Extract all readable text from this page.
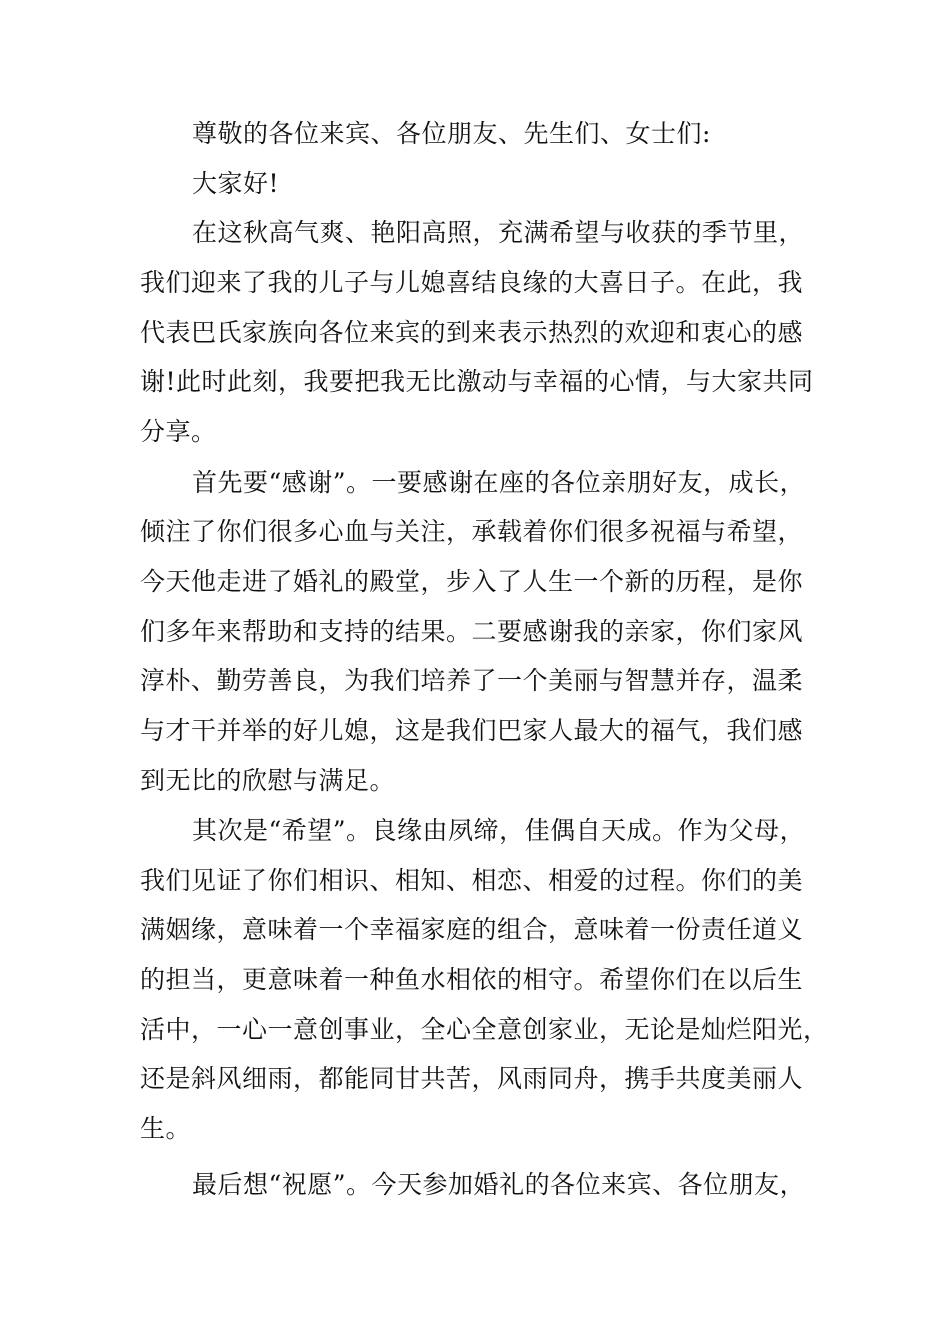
尊敬的各位来宾、各位朋友、先生们、女士们:
大家好!
在这秋高气爽、艳阳高照，充满希望与收获的季节里，
我们迎来了我的儿子与儿媳喜结良缘的大喜日子。在此，我
代表巴氏家族向各位来宾的到来表示热烈的欢迎和衷心的感
谢!此时此刻，我要把我无比激动与幸福的心情，与大家共同
分享。
首先要“感谢”。一要感谢在座的各位亲朋好友，成长，
倾注了你们很多心血与关注，承载着你们很多祝福与希望，
今天他走进了婚礼的殿堂，步入了人生一个新的历程，是你
们多年来帮助和支持的结果。二要感谢我的亲家，你们家风
淳朴、勤劳善良，为我们培养了一个美丽与智慧并存，温柔
与才干并举的好儿媳，这是我们巴家人最大的福气，我们感
到无比的欣慰与满足。
其次是“希望”。良缘由夙缔，佳偶自天成。作为父母，
我们见证了你们相识、相知、相恋、相爱的过程。你们的美
满姻缘，意味着一个幸福家庭的组合，意味着一份责任道义
的担当，更意味着一种鱼水相依的相守。希望你们在以后生
活中，一心一意创事业，全心全意创家业，无论是灿烂阳光，
还是斜风细雨，都能同甘共苦，风雨同舟，携手共度美丽人
生。
最后想“祝愿”。今天参加婚礼的各位来宾、各位朋友，
